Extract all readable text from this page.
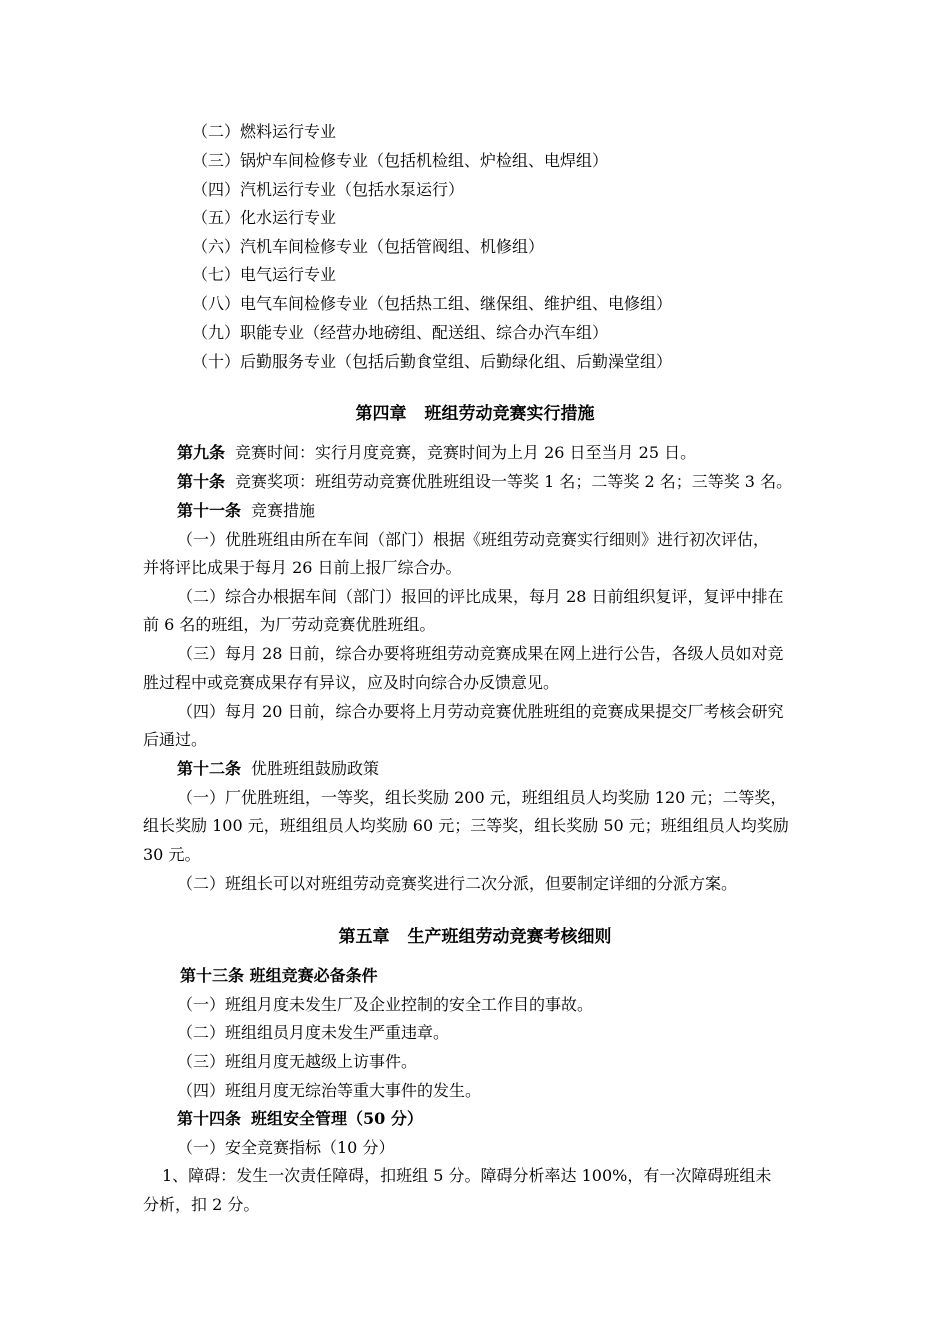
（二）燃料运行专业
（三）锅炉车间检修专业（包括机检组、炉检组、电焊组）
（四）汽机运行专业（包括水泵运行）
（五）化水运行专业
（六）汽机车间检修专业（包括管阀组、机修组）
（七）电气运行专业
（八）电气车间检修专业（包括热工组、继保组、维护组、电修组）
（九）职能专业（经营办地磅组、配送组、综合办汽车组）
（十）后勤服务专业（包括后勤食堂组、后勤绿化组、后勤澡堂组）
第四章 班组劳动竞赛实行措施
第九条 竞赛时间：实行月度竞赛，竞赛时间为上月 26 日至当月 25 日。
第十条 竞赛奖项：班组劳动竞赛优胜班组设一等奖 1 名；二等奖 2 名；三等奖 3 名。
第十一条 竞赛措施
（一）优胜班组由所在车间（部门）根据《班组劳动竞赛实行细则》进行初次评估，
并将评比成果于每月 26 日前上报厂综合办。
（二）综合办根据车间（部门）报回的评比成果，每月 28 日前组织复评，复评中排在
前 6 名的班组，为厂劳动竞赛优胜班组。
（三）每月 28 日前，综合办要将班组劳动竞赛成果在网上进行公告，各级人员如对竞
胜过程中或竞赛成果存有异议，应及时向综合办反馈意见。
（四）每月 20 日前，综合办要将上月劳动竞赛优胜班组的竞赛成果提交厂考核会研究
后通过。
第十二条 优胜班组鼓励政策
（一）厂优胜班组，一等奖，组长奖励 200 元，班组组员人均奖励 120 元；二等奖，
组长奖励 100 元，班组组员人均奖励 60 元；三等奖，组长奖励 50 元；班组组员人均奖励
30 元。
（二）班组长可以对班组劳动竞赛奖进行二次分派，但要制定详细的分派方案。
第五章 生产班组劳动竞赛考核细则
第十三条 班组竞赛必备条件
（一）班组月度未发生厂及企业控制的安全工作目的事故。
（二）班组组员月度未发生严重违章。
（三）班组月度无越级上访事件。
（四）班组月度无综治等重大事件的发生。
第十四条 班组安全管理（50 分）
（一）安全竞赛指标（10 分）
1、障碍：发生一次责任障碍，扣班组 5 分。障碍分析率达 100%，有一次障碍班组未
分析，扣 2 分。
